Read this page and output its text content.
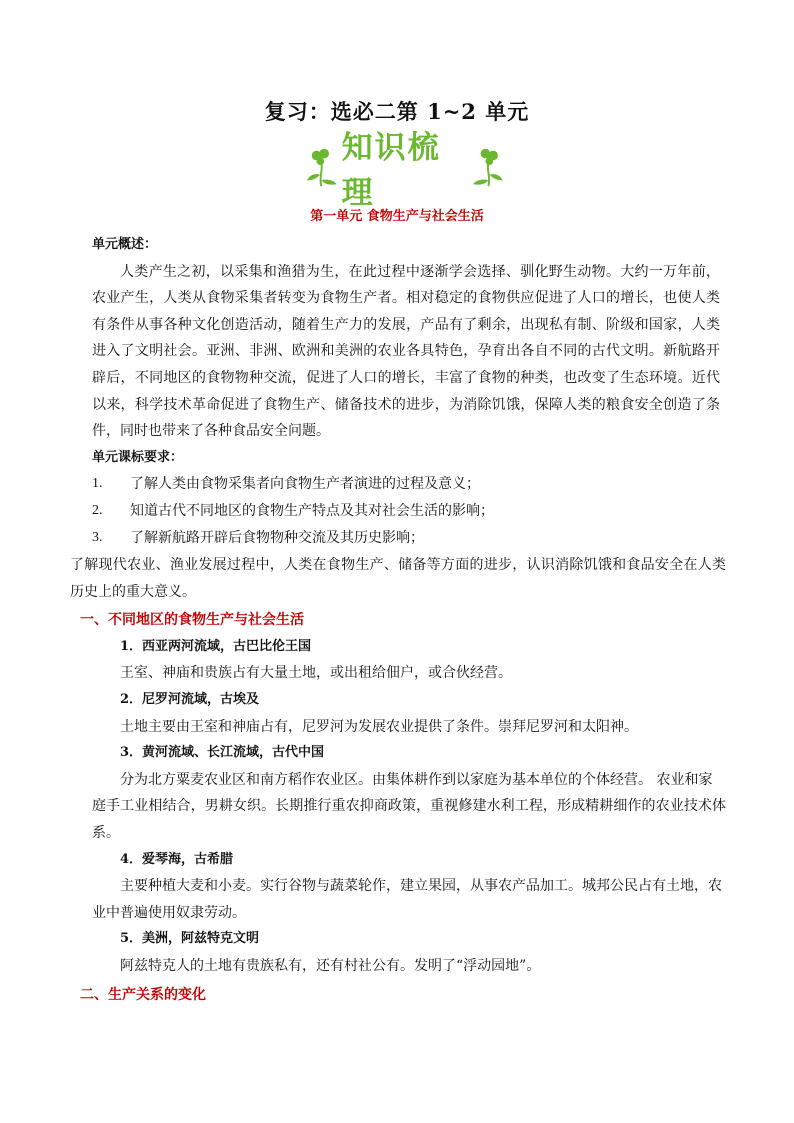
复习：选必二第 1~2 单元
知识梳理
第一单元 食物生产与社会生活

单元概述：

人类产生之初，以采集和渔猎为生，在此过程中逐渐学会选择、驯化野生动物。大约一万年前，农业产生，人类从食物采集者转变为食物生产者。相对稳定的食物供应促进了人口的增长，也使人类有条件从事各种文化创造活动，随着生产力的发展，产品有了剩余，出现私有制、阶级和国家，人类进入了文明社会。亚洲、非洲、欧洲和美洲的农业各具特色，孕育出各自不同的古代文明。新航路开辟后，不同地区的食物物种交流，促进了人口的增长，丰富了食物的种类，也改变了生态环境。近代以来，科学技术革命促进了食物生产、储备技术的进步，为消除饥饿，保障人类的粮食安全创造了条件，同时也带来了各种食品安全问题。

单元课标要求：

1.	了解人类由食物采集者向食物生产者演进的过程及意义；
2.	知道古代不同地区的食物生产特点及其对社会生活的影响；
3.	了解新航路开辟后食物物种交流及其历史影响；

了解现代农业、渔业发展过程中，人类在食物生产、储备等方面的进步，认识消除饥饿和食品安全在人类历史上的重大意义。

一、不同地区的食物生产与社会生活

1．西亚两河流域，古巴比伦王国

王室、神庙和贵族占有大量土地，或出租给佃户，或合伙经营。

2．尼罗河流域，古埃及

土地主要由王室和神庙占有，尼罗河为发展农业提供了条件。崇拜尼罗河和太阳神。

3．黄河流域、长江流域，古代中国

分为北方粟麦农业区和南方稻作农业区。由集体耕作到以家庭为基本单位的个体经营。 农业和家

庭手工业相结合，男耕女织。长期推行重农抑商政策，重视修建水利工程，形成精耕细作的农业技术体系。

4．爱琴海，古希腊

主要种植大麦和小麦。实行谷物与蔬菜轮作，建立果园，从事农产品加工。城邦公民占有土地，农

业中普遍使用奴隶劳动。

5．美洲，阿兹特克文明

阿兹特克人的土地有贵族私有，还有村社公有。发明了“浮动园地”。

二、生产关系的变化
